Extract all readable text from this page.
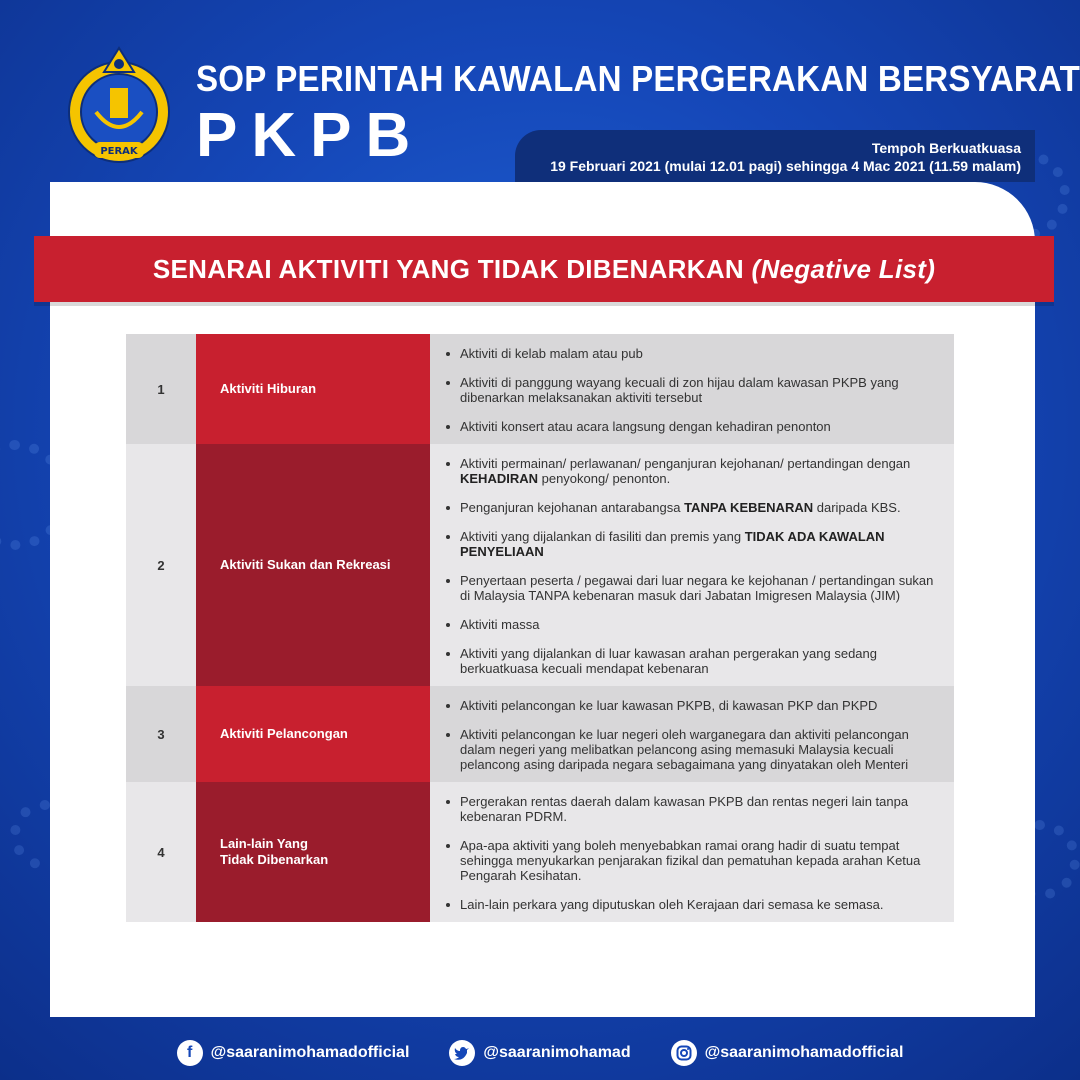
PERAK
SOP PERINTAH KAWALAN PERGERAKAN BERSYARAT
PKPB	Tempoh Berkuatkuasa
19 Februari 2021 (mulai 12.01 pagi) sehingga 4 Mac 2021 (11.59 malam)
SENARAI AKTIVITI YANG TIDAK DIBENARKAN (Negative List)
1	Aktiviti Hiburan
Aktiviti di kelab malam atau pub
Aktiviti di panggung wayang kecuali di zon hijau dalam kawasan PKPB yang dibenarkan melaksanakan aktiviti tersebut
Aktiviti konsert atau acara langsung dengan kehadiran penonton
2	Aktiviti Sukan dan Rekreasi
Aktiviti permainan/ perlawanan/ penganjuran kejohanan/ pertandingan dengan KEHADIRAN penyokong/ penonton.
Penganjuran kejohanan antarabangsa TANPA KEBENARAN daripada KBS.
Aktiviti yang dijalankan di fasiliti dan premis yang TIDAK ADA KAWALAN PENYELIAAN
Penyertaan peserta / pegawai dari luar negara ke kejohanan / pertandingan sukan di Malaysia TANPA kebenaran masuk dari Jabatan Imigresen Malaysia (JIM)
Aktiviti massa
Aktiviti yang dijalankan di luar kawasan arahan pergerakan yang sedang berkuatkuasa kecuali mendapat kebenaran
3	Aktiviti Pelancongan
Aktiviti pelancongan ke luar kawasan PKPB, di kawasan PKP dan PKPD
Aktiviti pelancongan ke luar negeri oleh warganegara dan aktiviti pelancongan dalam negeri yang melibatkan pelancong asing memasuki Malaysia kecuali pelancong asing daripada negara sebagaimana yang dinyatakan oleh Menteri
4
Lain-lain Yang
Tidak Dibenarkan
Pergerakan rentas daerah dalam kawasan PKPB dan rentas negeri lain tanpa kebenaran PDRM.
Apa-apa aktiviti yang boleh menyebabkan ramai orang hadir di suatu tempat sehingga menyukarkan penjarakan fizikal dan pematuhan kepada arahan Ketua Pengarah Kesihatan.
Lain-lain perkara yang diputuskan oleh Kerajaan dari semasa ke semasa.
f	@saaranimohamadofficial	@saaranimohamad	@saaranimohamadofficial
